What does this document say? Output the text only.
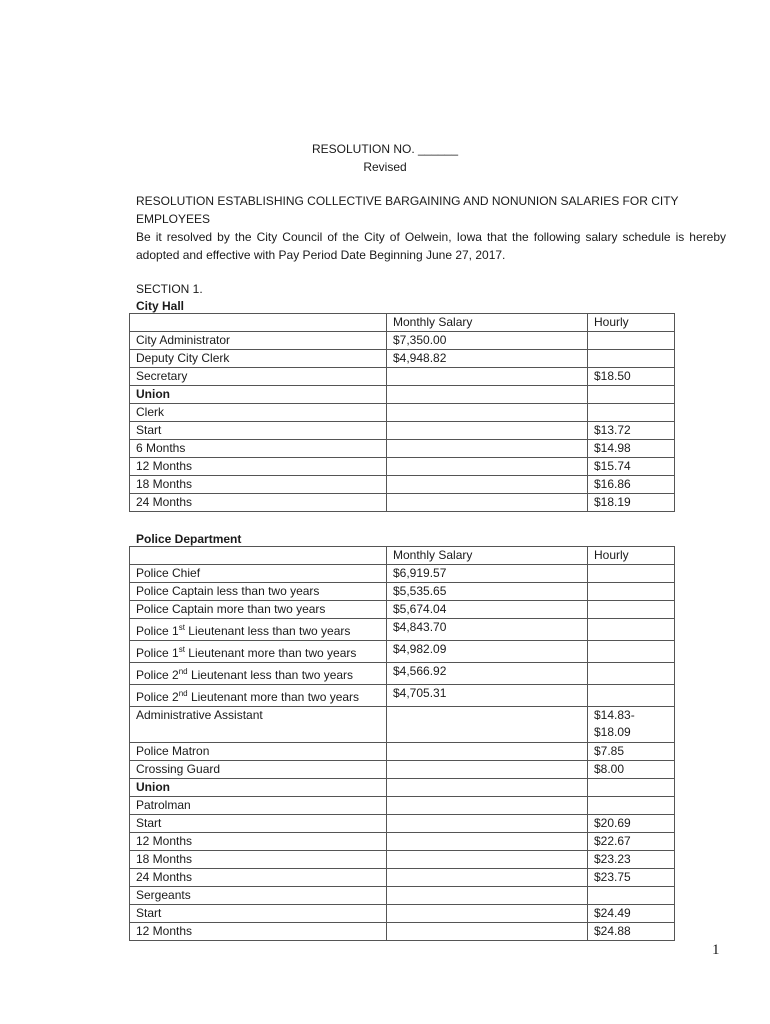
RESOLUTION NO. ______
Revised
RESOLUTION ESTABLISHING COLLECTIVE BARGAINING AND NONUNION SALARIES FOR CITY EMPLOYEES
Be it resolved by the City Council of the City of Oelwein, Iowa that the following salary schedule is hereby adopted and effective with Pay Period Date Beginning June 27, 2017.
SECTION 1.
City Hall
	Monthly Salary	Hourly
City Administrator	$7,350.00	
Deputy City Clerk	$4,948.82	
Secretary		$18.50
Union		
Clerk		
Start		$13.72
6 Months		$14.98
12 Months		$15.74
18 Months		$16.86
24 Months		$18.19
Police Department
	Monthly Salary	Hourly
Police Chief	$6,919.57	
Police Captain less than two years	$5,535.65	
Police Captain more than two years	$5,674.04	
Police 1st Lieutenant less than two years	$4,843.70	
Police 1st Lieutenant more than two years	$4,982.09	
Police 2nd Lieutenant less than two years	$4,566.92	
Police 2nd Lieutenant more than two years	$4,705.31	
Administrative Assistant		$14.83-
$18.09
Police Matron		$7.85
Crossing Guard		$8.00
Union		
Patrolman		
Start		$20.69
12 Months		$22.67
18 Months		$23.23
24 Months		$23.75
Sergeants		
Start		$24.49
12 Months		$24.88
1
